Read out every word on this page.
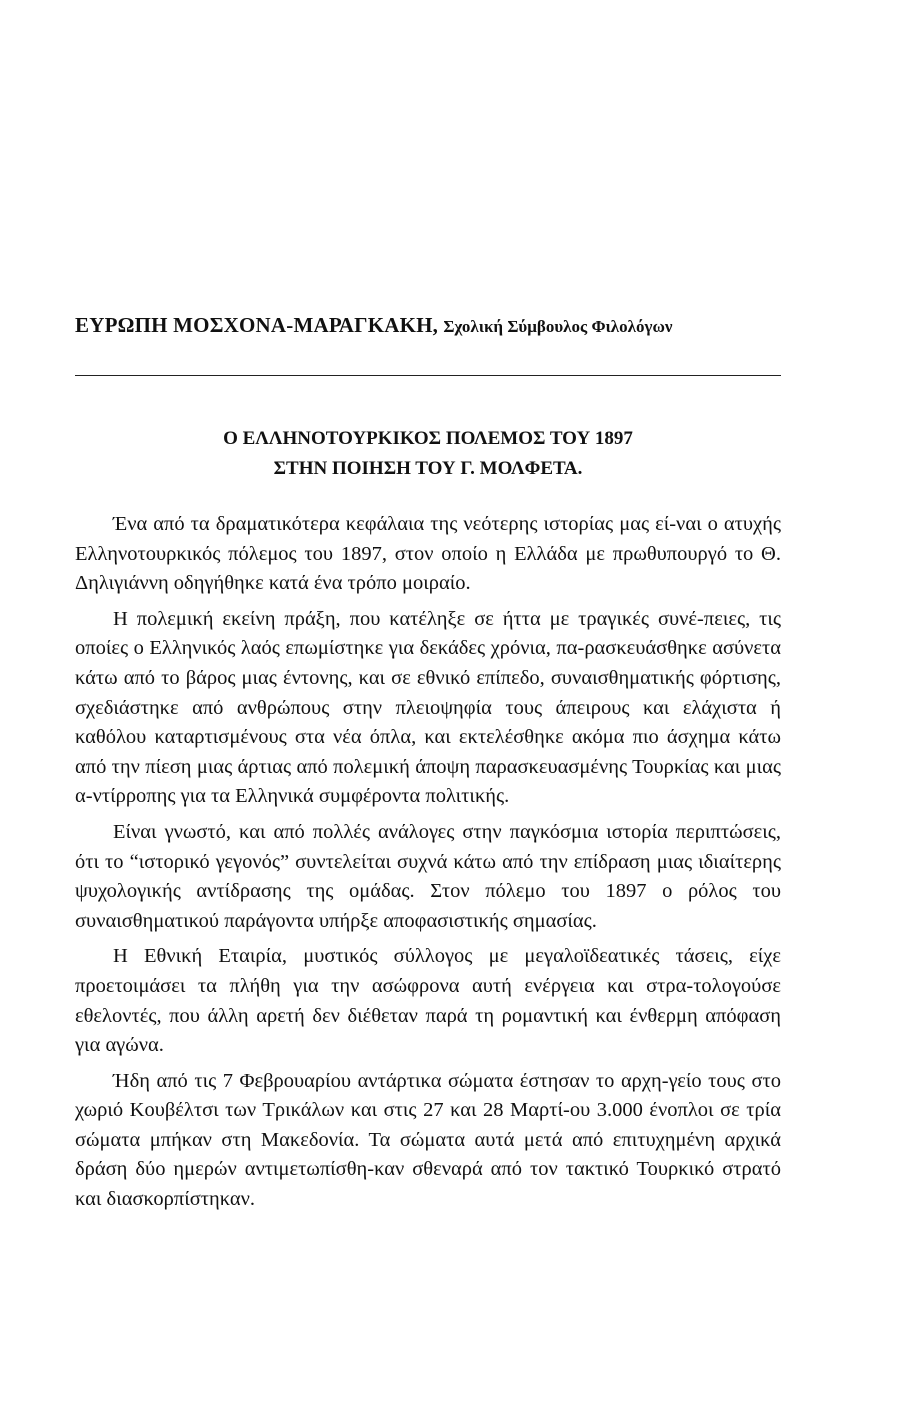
ΕΥΡΩΠΗ ΜΟΣΧΟΝΑ-ΜΑΡΑΓΚΑΚΗ, Σχολική Σύμβουλος Φιλολόγων
Ο ΕΛΛΗΝΟΤΟΥΡΚΙΚΟΣ ΠΟΛΕΜΟΣ ΤΟΥ 1897
ΣΤΗΝ ΠΟΙΗΣΗ ΤΟΥ Γ. ΜΟΛΦΕΤΑ.

Ένα από τα δραματικότερα κεφάλαια της νεότερης ιστορίας μας εί-ναι ο ατυχής Ελληνοτουρκικός πόλεμος του 1897, στον οποίο η Ελλάδα με πρωθυπουργό το Θ. Δηλιγιάννη οδηγήθηκε κατά ένα τρόπο μοιραίο.

Η πολεμική εκείνη πράξη, που κατέληξε σε ήττα με τραγικές συνέ-πειες, τις οποίες ο Ελληνικός λαός επωμίστηκε για δεκάδες χρόνια, πα-ρασκευάσθηκε ασύνετα κάτω από το βάρος μιας έντονης, και σε εθνικό επίπεδο, συναισθηματικής φόρτισης, σχεδιάστηκε από ανθρώπους στην πλειοψηφία τους άπειρους και ελάχιστα ή καθόλου καταρτισμένους στα νέα όπλα, και εκτελέσθηκε ακόμα πιο άσχημα κάτω από την πίεση μιας άρτιας από πολεμική άποψη παρασκευασμένης Τουρκίας και μιας α-ντίρροπης για τα Ελληνικά συμφέροντα πολιτικής.

Είναι γνωστό, και από πολλές ανάλογες στην παγκόσμια ιστορία περιπτώσεις, ότι το “ιστορικό γεγονός” συντελείται συχνά κάτω από την επίδραση μιας ιδιαίτερης ψυχολογικής αντίδρασης της ομάδας. Στον πόλεμο του 1897 ο ρόλος του συναισθηματικού παράγοντα υπήρξε αποφασιστικής σημασίας.

Η Εθνική Εταιρία, μυστικός σύλλογος με μεγαλοϊδεατικές τάσεις, είχε προετοιμάσει τα πλήθη για την ασώφρονα αυτή ενέργεια και στρα-τολογούσε εθελοντές, που άλλη αρετή δεν διέθεταν παρά τη ρομαντική και ένθερμη απόφαση για αγώνα.

Ήδη από τις 7 Φεβρουαρίου αντάρτικα σώματα έστησαν το αρχη-γείο τους στο χωριό Κουβέλτσι των Τρικάλων και στις 27 και 28 Μαρτί-ου 3.000 ένοπλοι σε τρία σώματα μπήκαν στη Μακεδονία. Τα σώματα αυτά μετά από επιτυχημένη αρχικά δράση δύο ημερών αντιμετωπίσθη-καν σθεναρά από τον τακτικό Τουρκικό στρατό και διασκορπίστηκαν.
